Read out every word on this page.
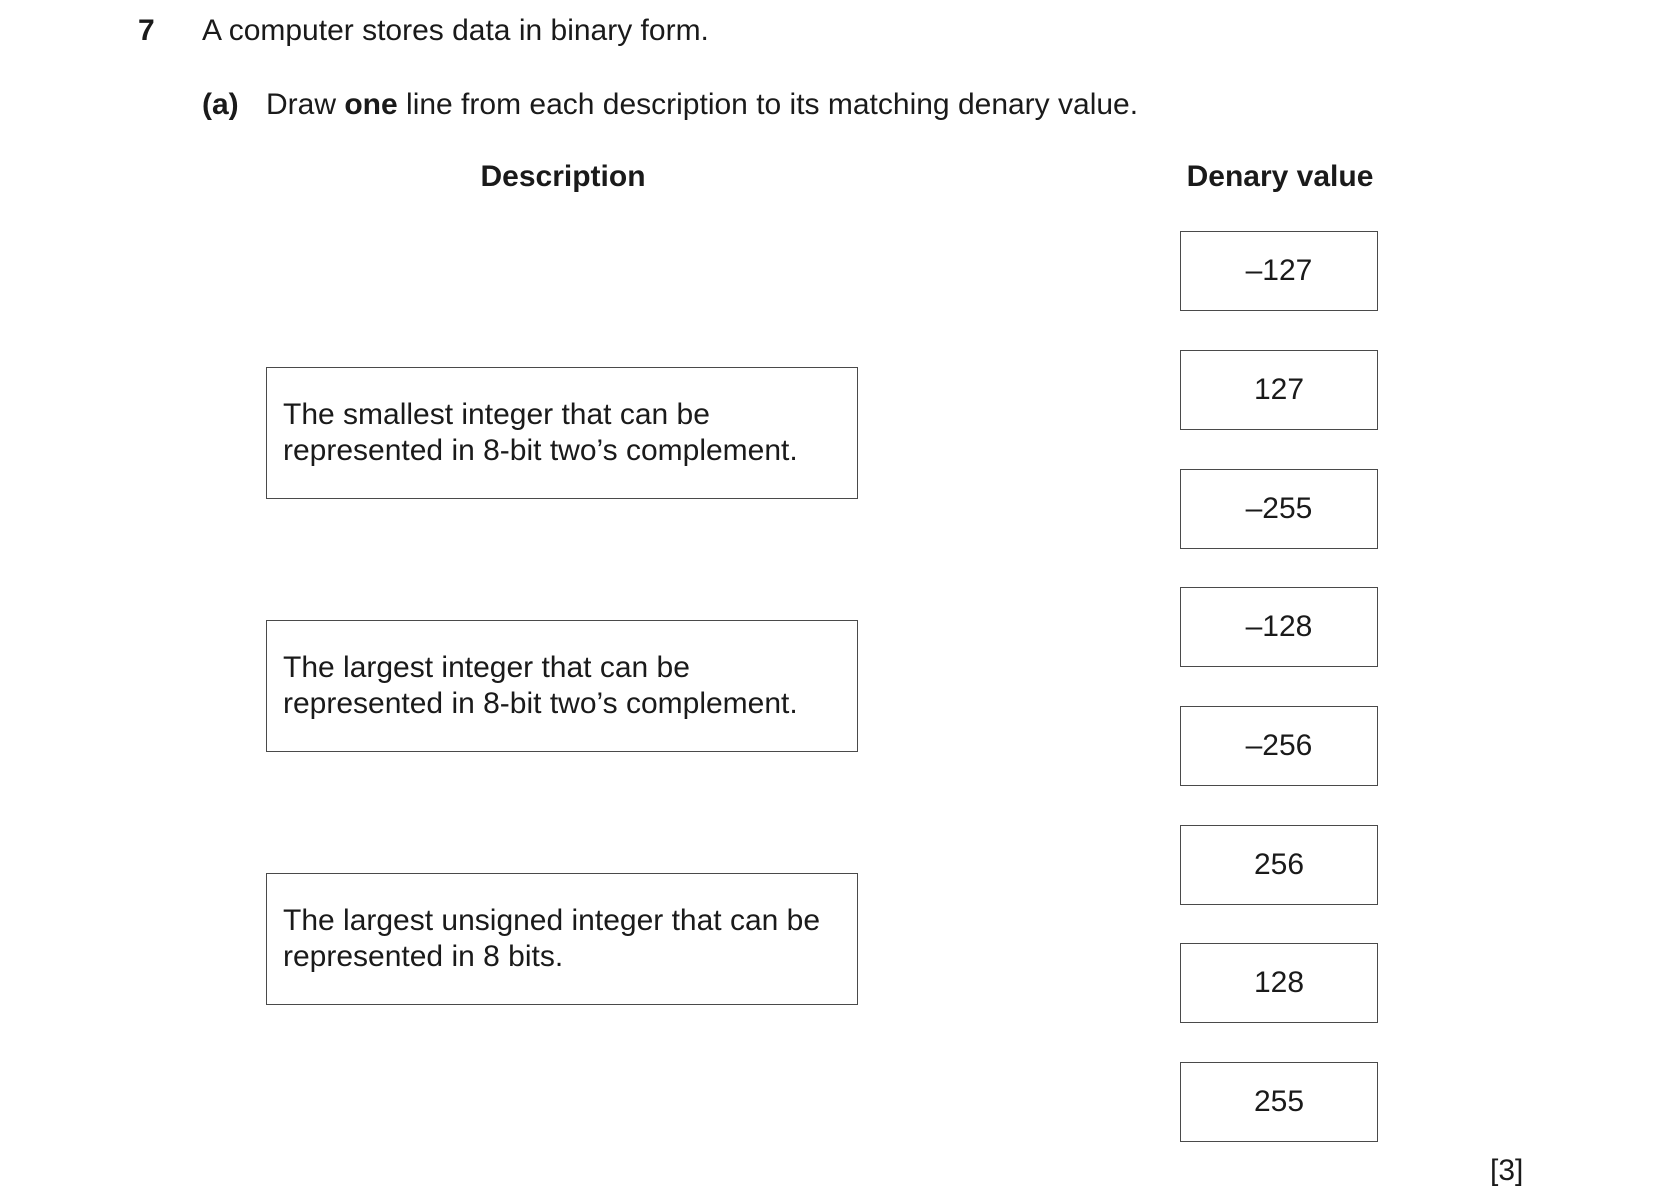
7 A computer stores data in binary form.
(a) Draw one line from each description to its matching denary value.
Description	Denary value
The smallest integer that can be
represented in 8-bit two’s complement.
The largest integer that can be
represented in 8-bit two’s complement.
The largest unsigned integer that can be
represented in 8 bits.
–127
127
–255
–128
–256
256
128
255
[3]
